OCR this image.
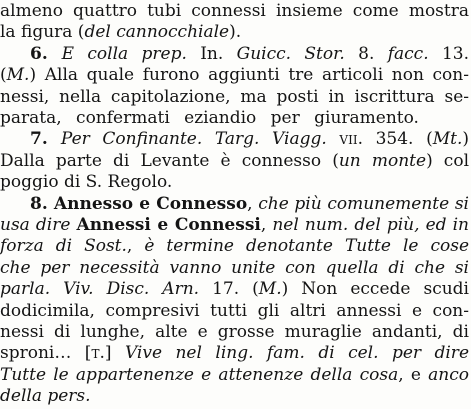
almeno quattro tubi connessi insieme come mostra
la figura (del cannocchiale).
6. E colla prep. In. Guicc. Stor. 8. facc. 13.
(M.) Alla quale furono aggiunti tre articoli non con-
nessi, nella capitolazione, ma posti in iscrittura se-
parata, confermati eziandio per giuramento.
7. Per Confinante. Targ. Viagg. vii. 354. (Mt.)
Dalla parte di Levante è connesso (un monte) col
poggio di S. Regolo.
8. Annesso e Connesso, che più comunemente si
usa dire Annessi e Connessi, nel num. del più, ed in
forza di Sost., è termine denotante Tutte le cose
che per necessità vanno unite con quella di che si
parla. Viv. Disc. Arn. 17. (M.) Non eccede scudi
dodicimila, compresivi tutti gli altri annessi e con-
nessi di lunghe, alte e grosse muraglie andanti, di
sproni… [t.] Vive nel ling. fam. di cel. per dire
Tutte le appartenenze e attenenze della cosa, e anco
della pers.
